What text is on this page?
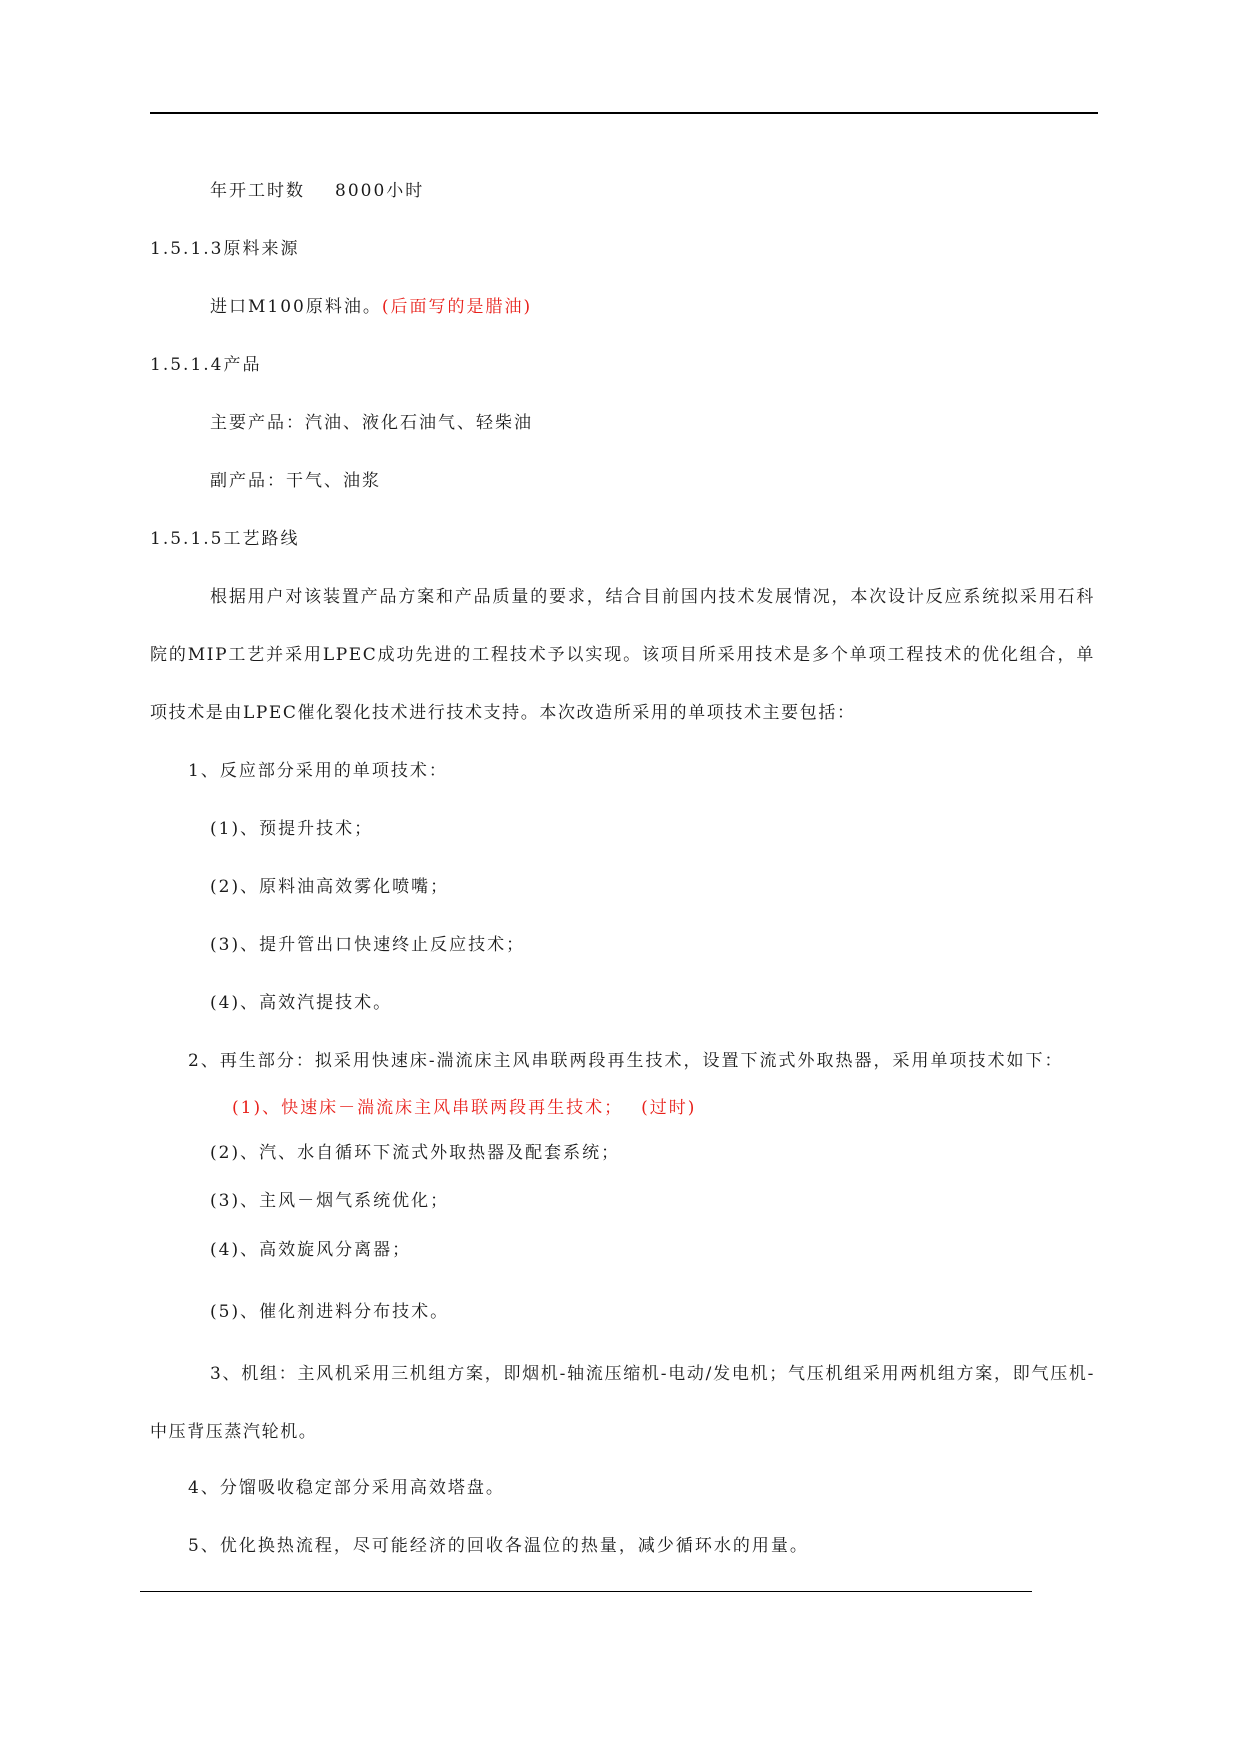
年开工时数 8000小时
1.5.1.3原料来源
进口M100原料油。(后面写的是腊油)
1.5.1.4产品
主要产品：汽油、液化石油气、轻柴油
副产品：干气、油浆
1.5.1.5工艺路线
根据用户对该装置产品方案和产品质量的要求，结合目前国内技术发展情况，本次设计反应系统拟采用石科院的MIP工艺并采用LPEC成功先进的工程技术予以实现。该项目所采用技术是多个单项工程技术的优化组合，单项技术是由LPEC催化裂化技术进行技术支持。本次改造所采用的单项技术主要包括：
1、反应部分采用的单项技术：
(1)、预提升技术；
(2)、原料油高效雾化喷嘴；
(3)、提升管出口快速终止反应技术；
(4)、高效汽提技术。
2、再生部分：拟采用快速床-湍流床主风串联两段再生技术，设置下流式外取热器，采用单项技术如下：
(1)、快速床－湍流床主风串联两段再生技术； (过时)
(2)、汽、水自循环下流式外取热器及配套系统；
(3)、主风－烟气系统优化；
(4)、高效旋风分离器；
(5)、催化剂进料分布技术。
3、机组：主风机采用三机组方案，即烟机-轴流压缩机-电动/发电机；气压机组采用两机组方案，即气压机-中压背压蒸汽轮机。
4、分馏吸收稳定部分采用高效塔盘。
5、优化换热流程，尽可能经济的回收各温位的热量，减少循环水的用量。
